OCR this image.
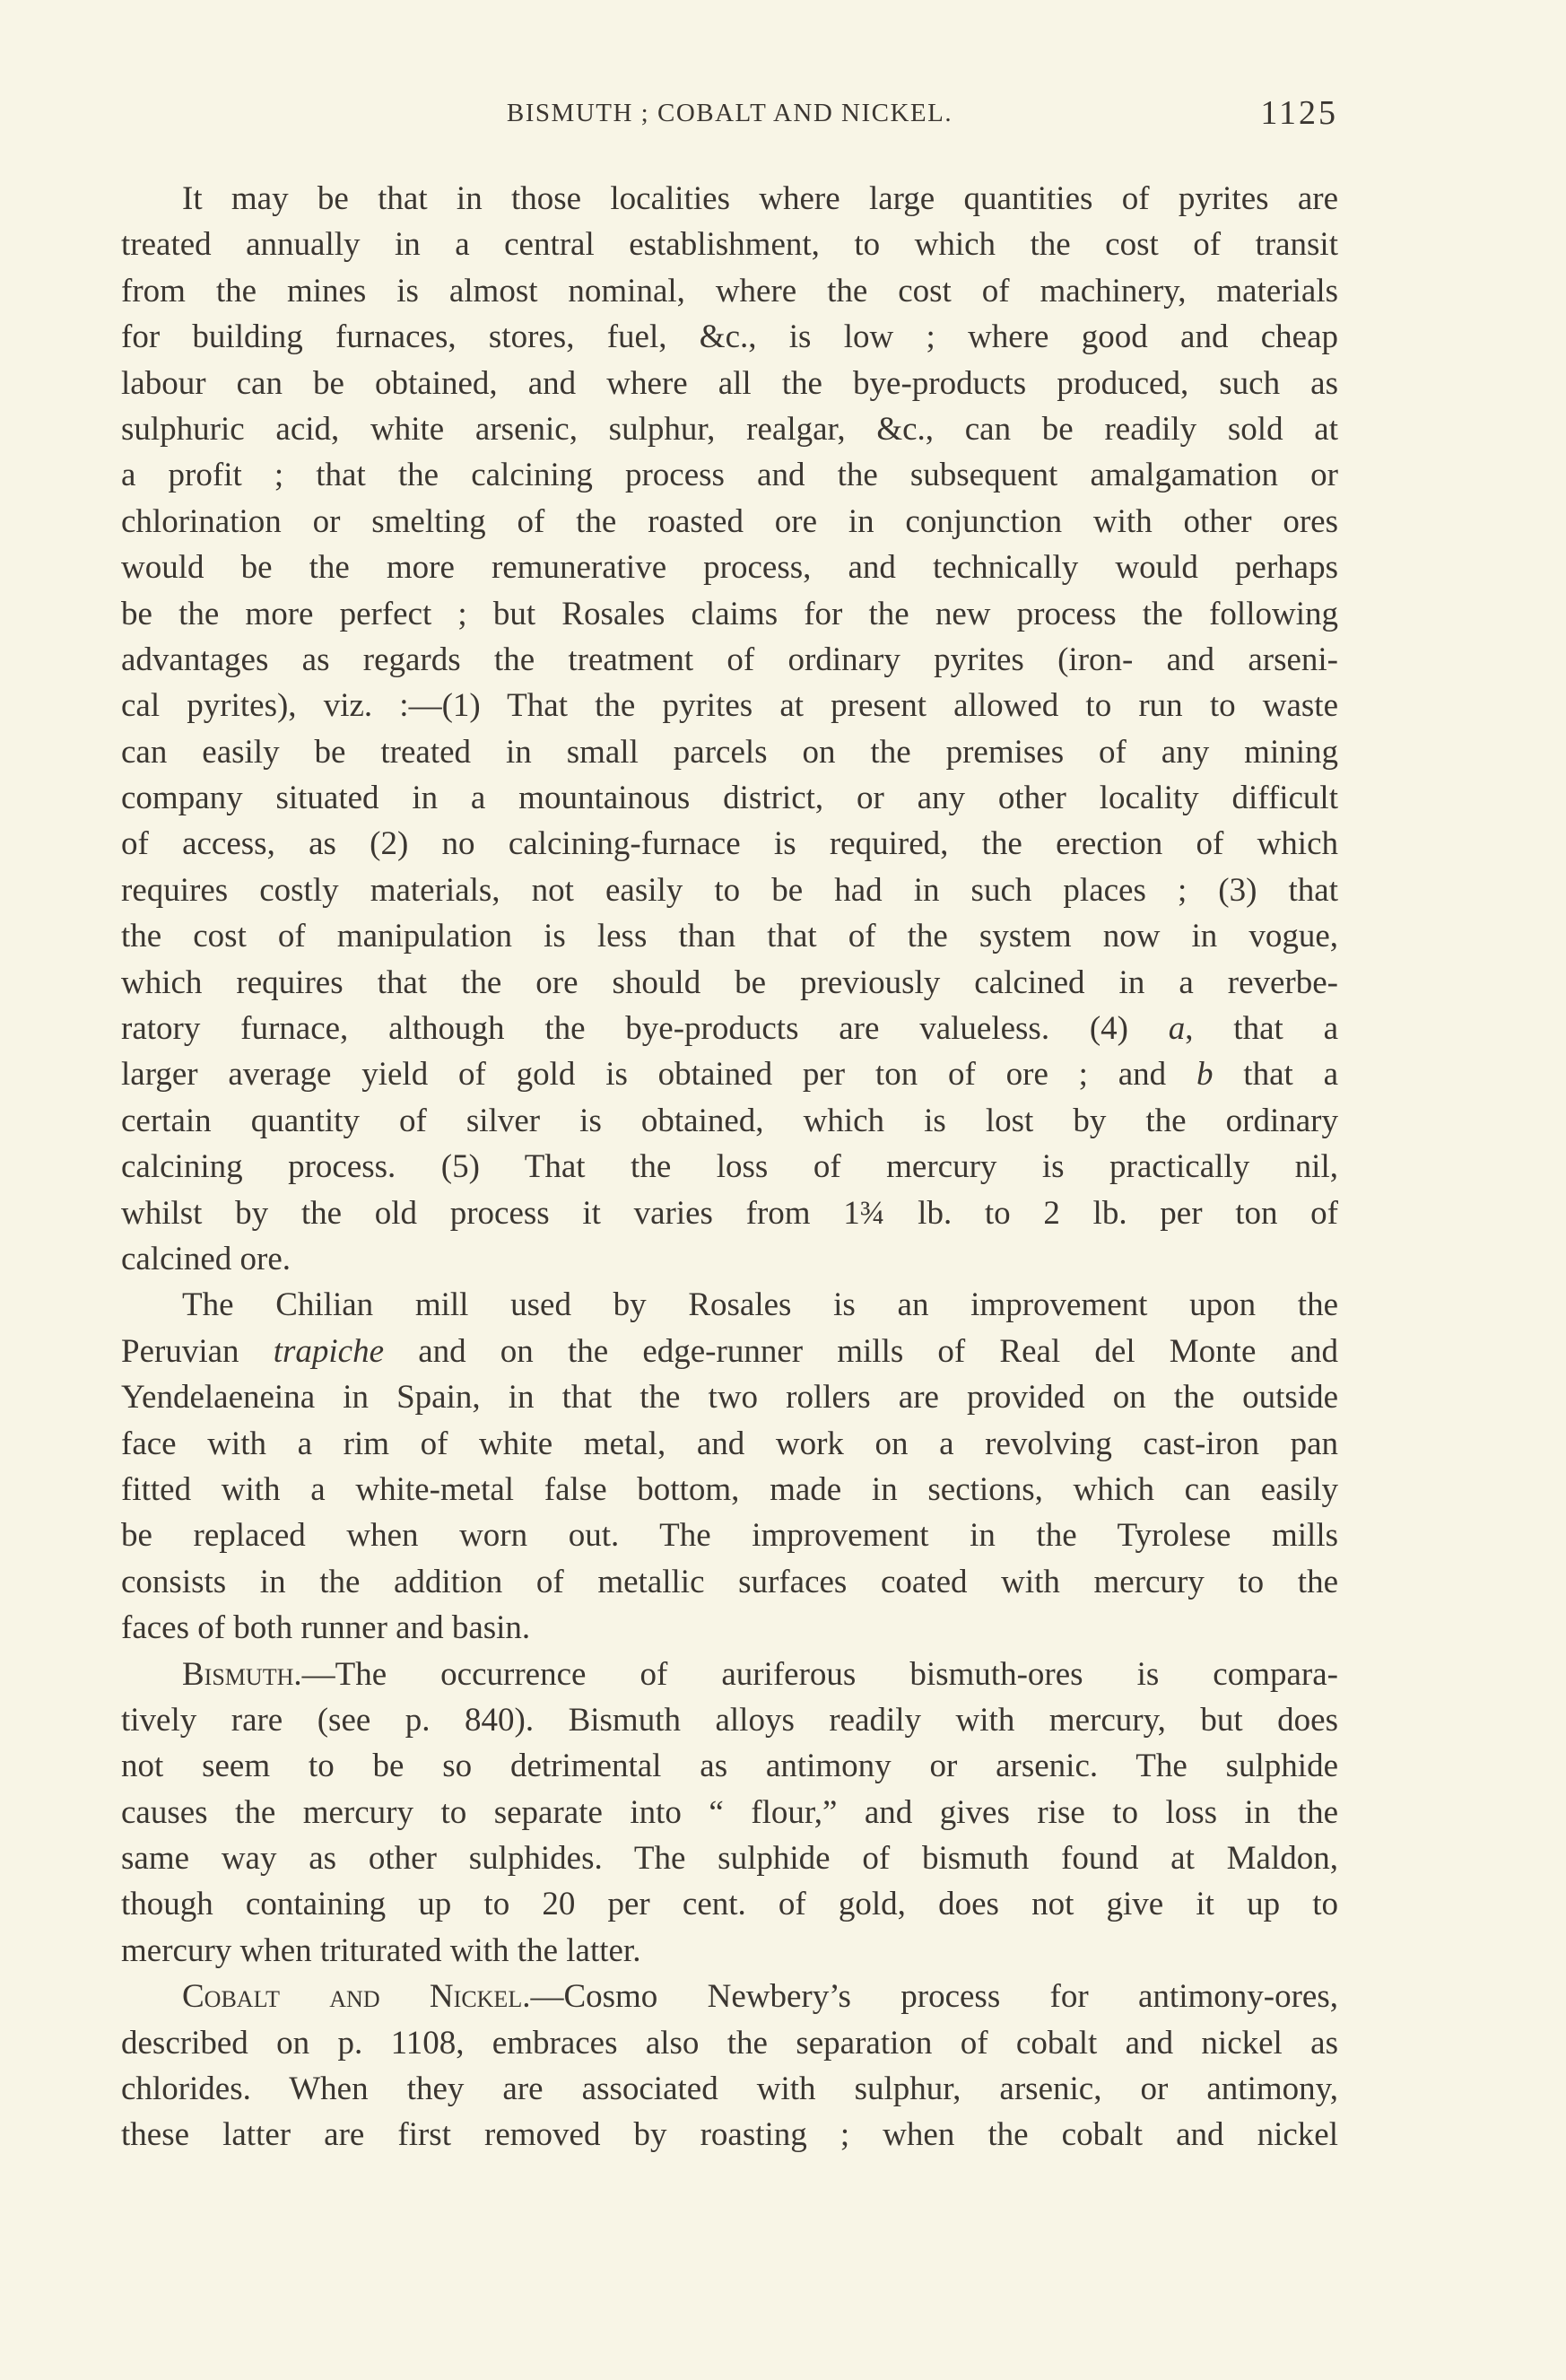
BISMUTH ; COBALT AND NICKEL.	1125
It may be that in those localities where large quantities of pyrites are
treated annually in a central establishment, to which the cost of transit
from the mines is almost nominal, where the cost of machinery, materials
for building furnaces, stores, fuel, &c., is low ; where good and cheap
labour can be obtained, and where all the bye-products produced, such as
sulphuric acid, white arsenic, sulphur, realgar, &c., can be readily sold at
a profit ; that the calcining process and the subsequent amalgamation or
chlorination or smelting of the roasted ore in conjunction with other ores
would be the more remunerative process, and technically would perhaps
be the more perfect ; but Rosales claims for the new process the following
advantages as regards the treatment of ordinary pyrites (iron- and arseni-
cal pyrites), viz. :—(1) That the pyrites at present allowed to run to waste
can easily be treated in small parcels on the premises of any mining
company situated in a mountainous district, or any other locality difficult
of access, as (2) no calcining-furnace is required, the erection of which
requires costly materials, not easily to be had in such places ; (3) that
the cost of manipulation is less than that of the system now in vogue,
which requires that the ore should be previously calcined in a reverbe-
ratory furnace, although the bye-products are valueless. (4) a, that a
larger average yield of gold is obtained per ton of ore ; and b that a
certain quantity of silver is obtained, which is lost by the ordinary
calcining process. (5) That the loss of mercury is practically nil,
whilst by the old process it varies from 1¾ lb. to 2 lb. per ton of
calcined ore.
The Chilian mill used by Rosales is an improvement upon the
Peruvian trapiche and on the edge-runner mills of Real del Monte and
Yendelaeneina in Spain, in that the two rollers are provided on the outside
face with a rim of white metal, and work on a revolving cast-iron pan
fitted with a white-metal false bottom, made in sections, which can easily
be replaced when worn out. The improvement in the Tyrolese mills
consists in the addition of metallic surfaces coated with mercury to the
faces of both runner and basin.
Bismuth.—The occurrence of auriferous bismuth-ores is compara-
tively rare (see p. 840). Bismuth alloys readily with mercury, but does
not seem to be so detrimental as antimony or arsenic. The sulphide
causes the mercury to separate into “ flour,” and gives rise to loss in the
same way as other sulphides. The sulphide of bismuth found at Maldon,
though containing up to 20 per cent. of gold, does not give it up to
mercury when triturated with the latter.
Cobalt and Nickel.—Cosmo Newbery’s process for antimony-ores,
described on p. 1108, embraces also the separation of cobalt and nickel as
chlorides. When they are associated with sulphur, arsenic, or antimony,
these latter are first removed by roasting ; when the cobalt and nickel
